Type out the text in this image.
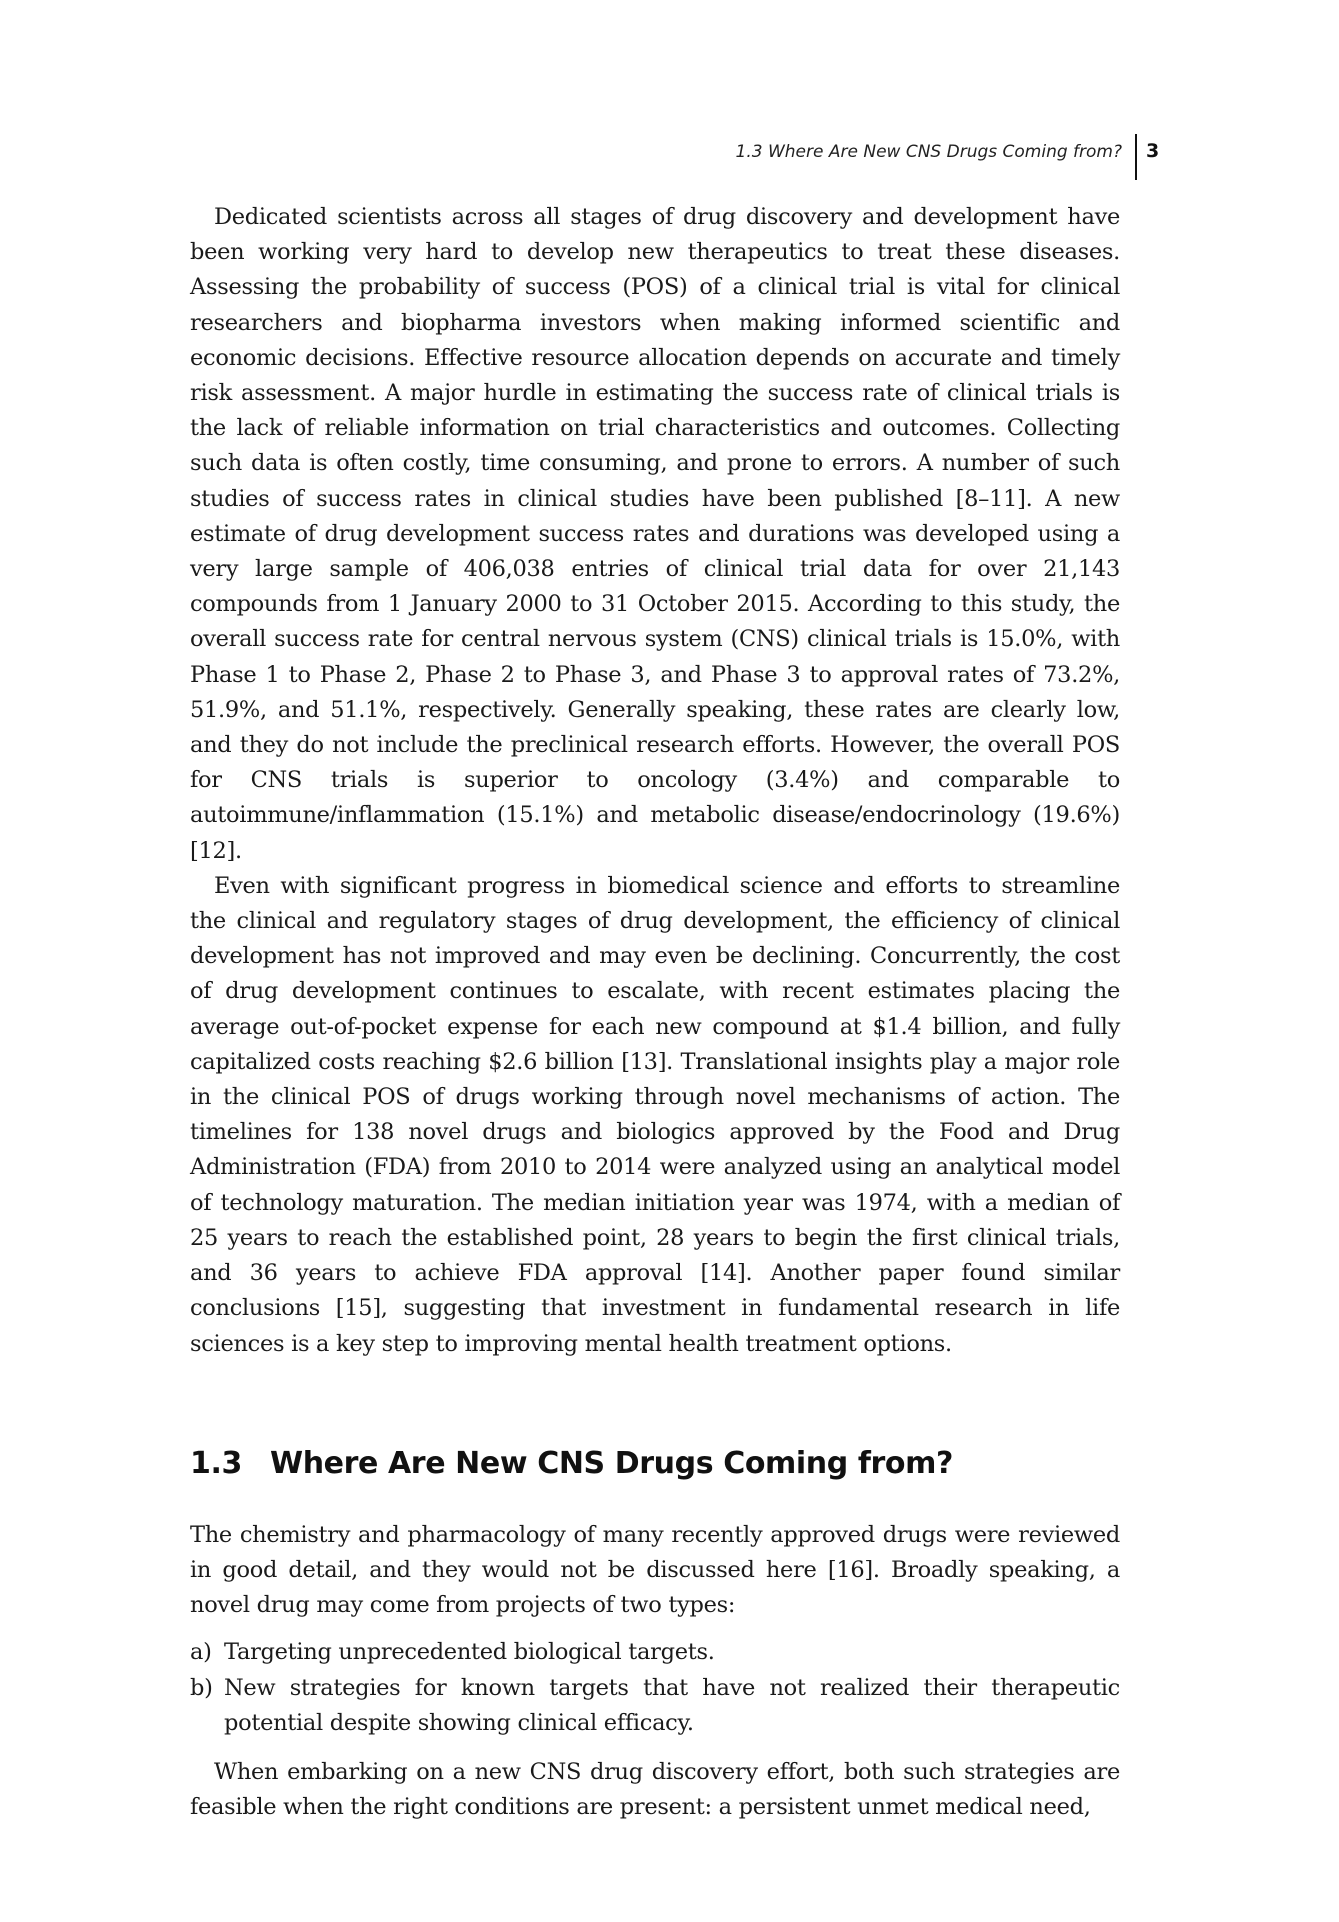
1.3 Where Are New CNS Drugs Coming from? 3

Dedicated scientists across all stages of drug discovery and development have been working very hard to develop new therapeutics to treat these diseases. Assessing the probability of success (POS) of a clinical trial is vital for clinical researchers and biopharma investors when making informed scientific and economic decisions. Effective resource allocation depends on accurate and timely risk assessment. A major hurdle in estimating the success rate of clinical trials is the lack of reliable information on trial characteristics and outcomes. Collecting such data is often costly, time consuming, and prone to errors. A number of such studies of success rates in clinical studies have been published [8–11]. A new estimate of drug development success rates and durations was developed using a very large sample of 406,038 entries of clinical trial data for over 21,143 compounds from 1 January 2000 to 31 October 2015. According to this study, the overall success rate for central nervous system (CNS) clinical trials is 15.0%, with Phase 1 to Phase 2, Phase 2 to Phase 3, and Phase 3 to approval rates of 73.2%, 51.9%, and 51.1%, respectively. Generally speaking, these rates are clearly low, and they do not include the preclinical research efforts. However, the overall POS for CNS trials is superior to oncology (3.4%) and comparable to autoimmune/inflammation (15.1%) and metabolic disease/endocrinology (19.6%) [12].

Even with significant progress in biomedical science and efforts to streamline the clinical and regulatory stages of drug development, the efficiency of clinical development has not improved and may even be declining. Concurrently, the cost of drug development continues to escalate, with recent estimates placing the average out-of-pocket expense for each new compound at $1.4 billion, and fully capitalized costs reaching $2.6 billion [13]. Translational insights play a major role in the clinical POS of drugs working through novel mechanisms of action. The timelines for 138 novel drugs and biologics approved by the Food and Drug Administration (FDA) from 2010 to 2014 were analyzed using an analytical model of technology maturation. The median initiation year was 1974, with a median of 25 years to reach the established point, 28 years to begin the first clinical trials, and 36 years to achieve FDA approval [14]. Another paper found similar conclusions [15], suggesting that investment in fundamental research in life sciences is a key step to improving mental health treatment options.

1.3 Where Are New CNS Drugs Coming from?

The chemistry and pharmacology of many recently approved drugs were reviewed in good detail, and they would not be discussed here [16]. Broadly speaking, a novel drug may come from projects of two types:

a) Targeting unprecedented biological targets.
b) New strategies for known targets that have not realized their therapeutic potential despite showing clinical efficacy.

When embarking on a new CNS drug discovery effort, both such strategies are feasible when the right conditions are present: a persistent unmet medical need,
